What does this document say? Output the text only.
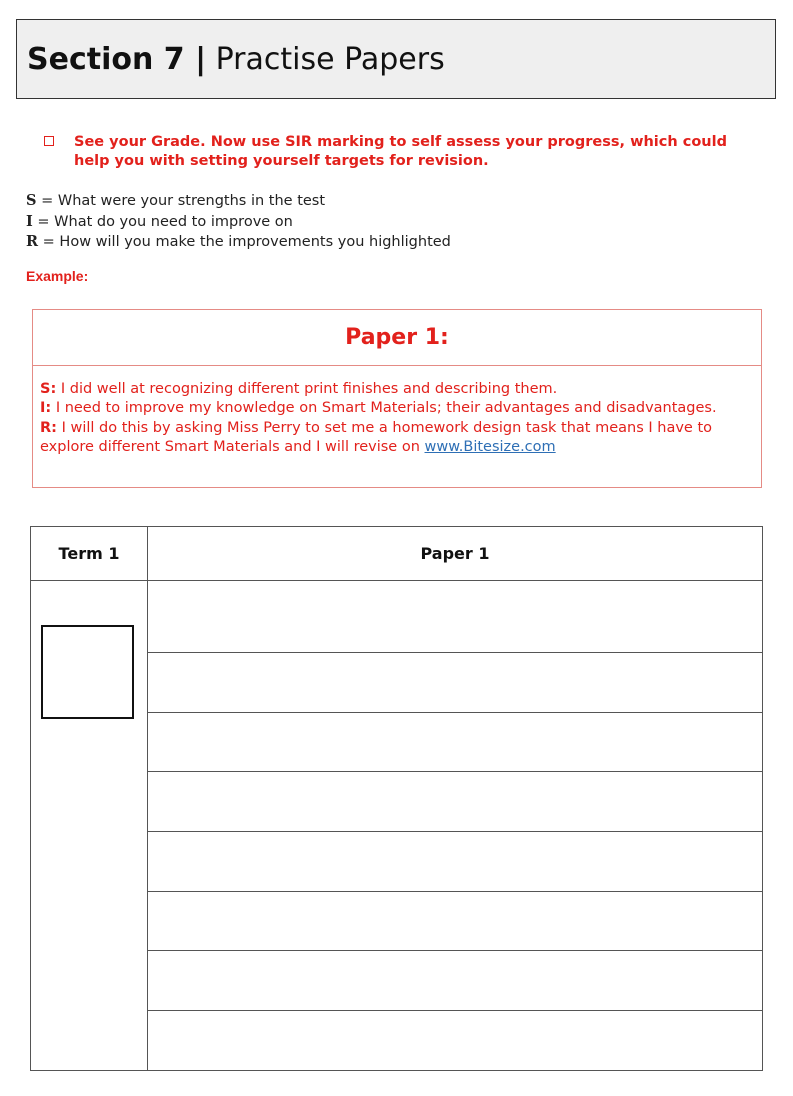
Section 7 | Practise Papers
See your Grade. Now use SIR marking to self assess your progress, which could help you with setting yourself targets for revision.
S = What were your strengths in the test
I = What do you need to improve on
R = How will you make the improvements you highlighted
Example:
Paper 1:
S: I did well at recognizing different print finishes and describing them.
I: I need to improve my knowledge on Smart Materials; their advantages and disadvantages.
R: I will do this by asking Miss Perry to set me a homework design task that means I have to explore different Smart Materials and I will revise on www.Bitesize.com
Term 1	Paper 1
